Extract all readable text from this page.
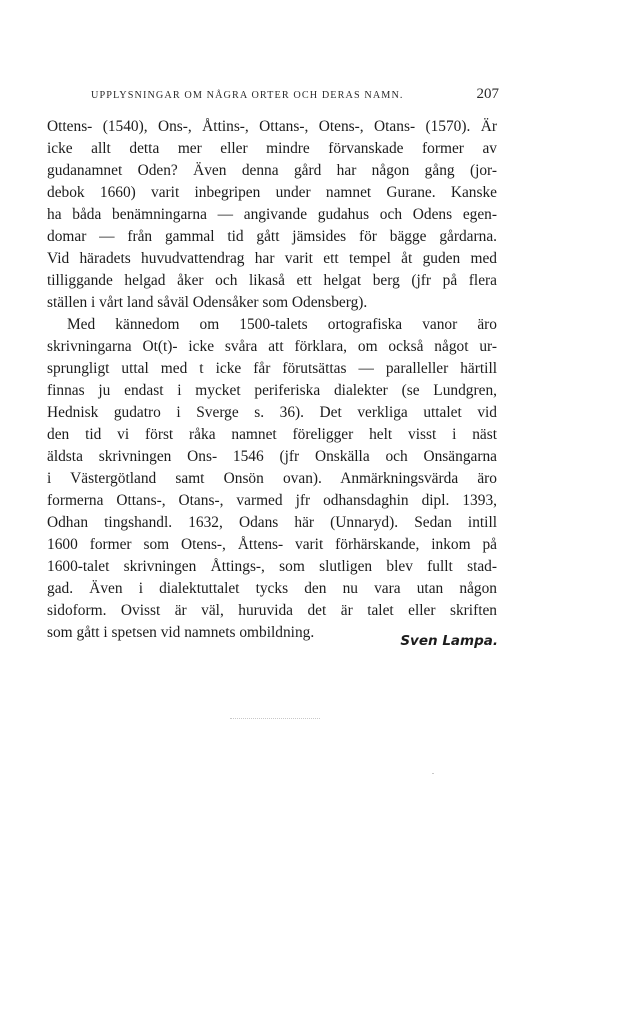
UPPLYSNINGAR OM NÅGRA ORTER OCH DERAS NAMN.	207
Ottens- (1540), Ons-, Åttins-, Ottans-, Otens-, Otans- (1570). Är
icke allt detta mer eller mindre förvanskade former av
gudanamnet Oden? Även denna gård har någon gång (jor-
debok 1660) varit inbegripen under namnet Gurane. Kanske
ha båda benämningarna — angivande gudahus och Odens egen-
domar — från gammal tid gått jämsides för bägge gårdarna.
Vid häradets huvudvattendrag har varit ett tempel åt guden med
tilliggande helgad åker och likaså ett helgat berg (jfr på flera
ställen i vårt land såväl Odensåker som Odensberg).
Med kännedom om 1500-talets ortografiska vanor äro
skrivningarna Ot(t)- icke svåra att förklara, om också något ur-
sprungligt uttal med t icke får förutsättas — paralleller härtill
finnas ju endast i mycket periferiska dialekter (se Lundgren,
Hednisk gudatro i Sverge s. 36). Det verkliga uttalet vid
den tid vi först råka namnet föreligger helt visst i näst
äldsta skrivningen Ons- 1546 (jfr Onskälla och Onsängarna
i Västergötland samt Onsön ovan). Anmärkningsvärda äro
formerna Ottans-, Otans-, varmed jfr odhansdaghin dipl. 1393,
Odhan tingshandl. 1632, Odans här (Unnaryd). Sedan intill
1600 former som Otens-, Åttens- varit förhärskande, inkom på
1600-talet skrivningen Åttings-, som slutligen blev fullt stad-
gad. Även i dialektuttalet tycks den nu vara utan någon
sidoform. Ovisst är väl, huruvida det är talet eller skriften
som gått i spetsen vid namnets ombildning.	Sven Lampa.
